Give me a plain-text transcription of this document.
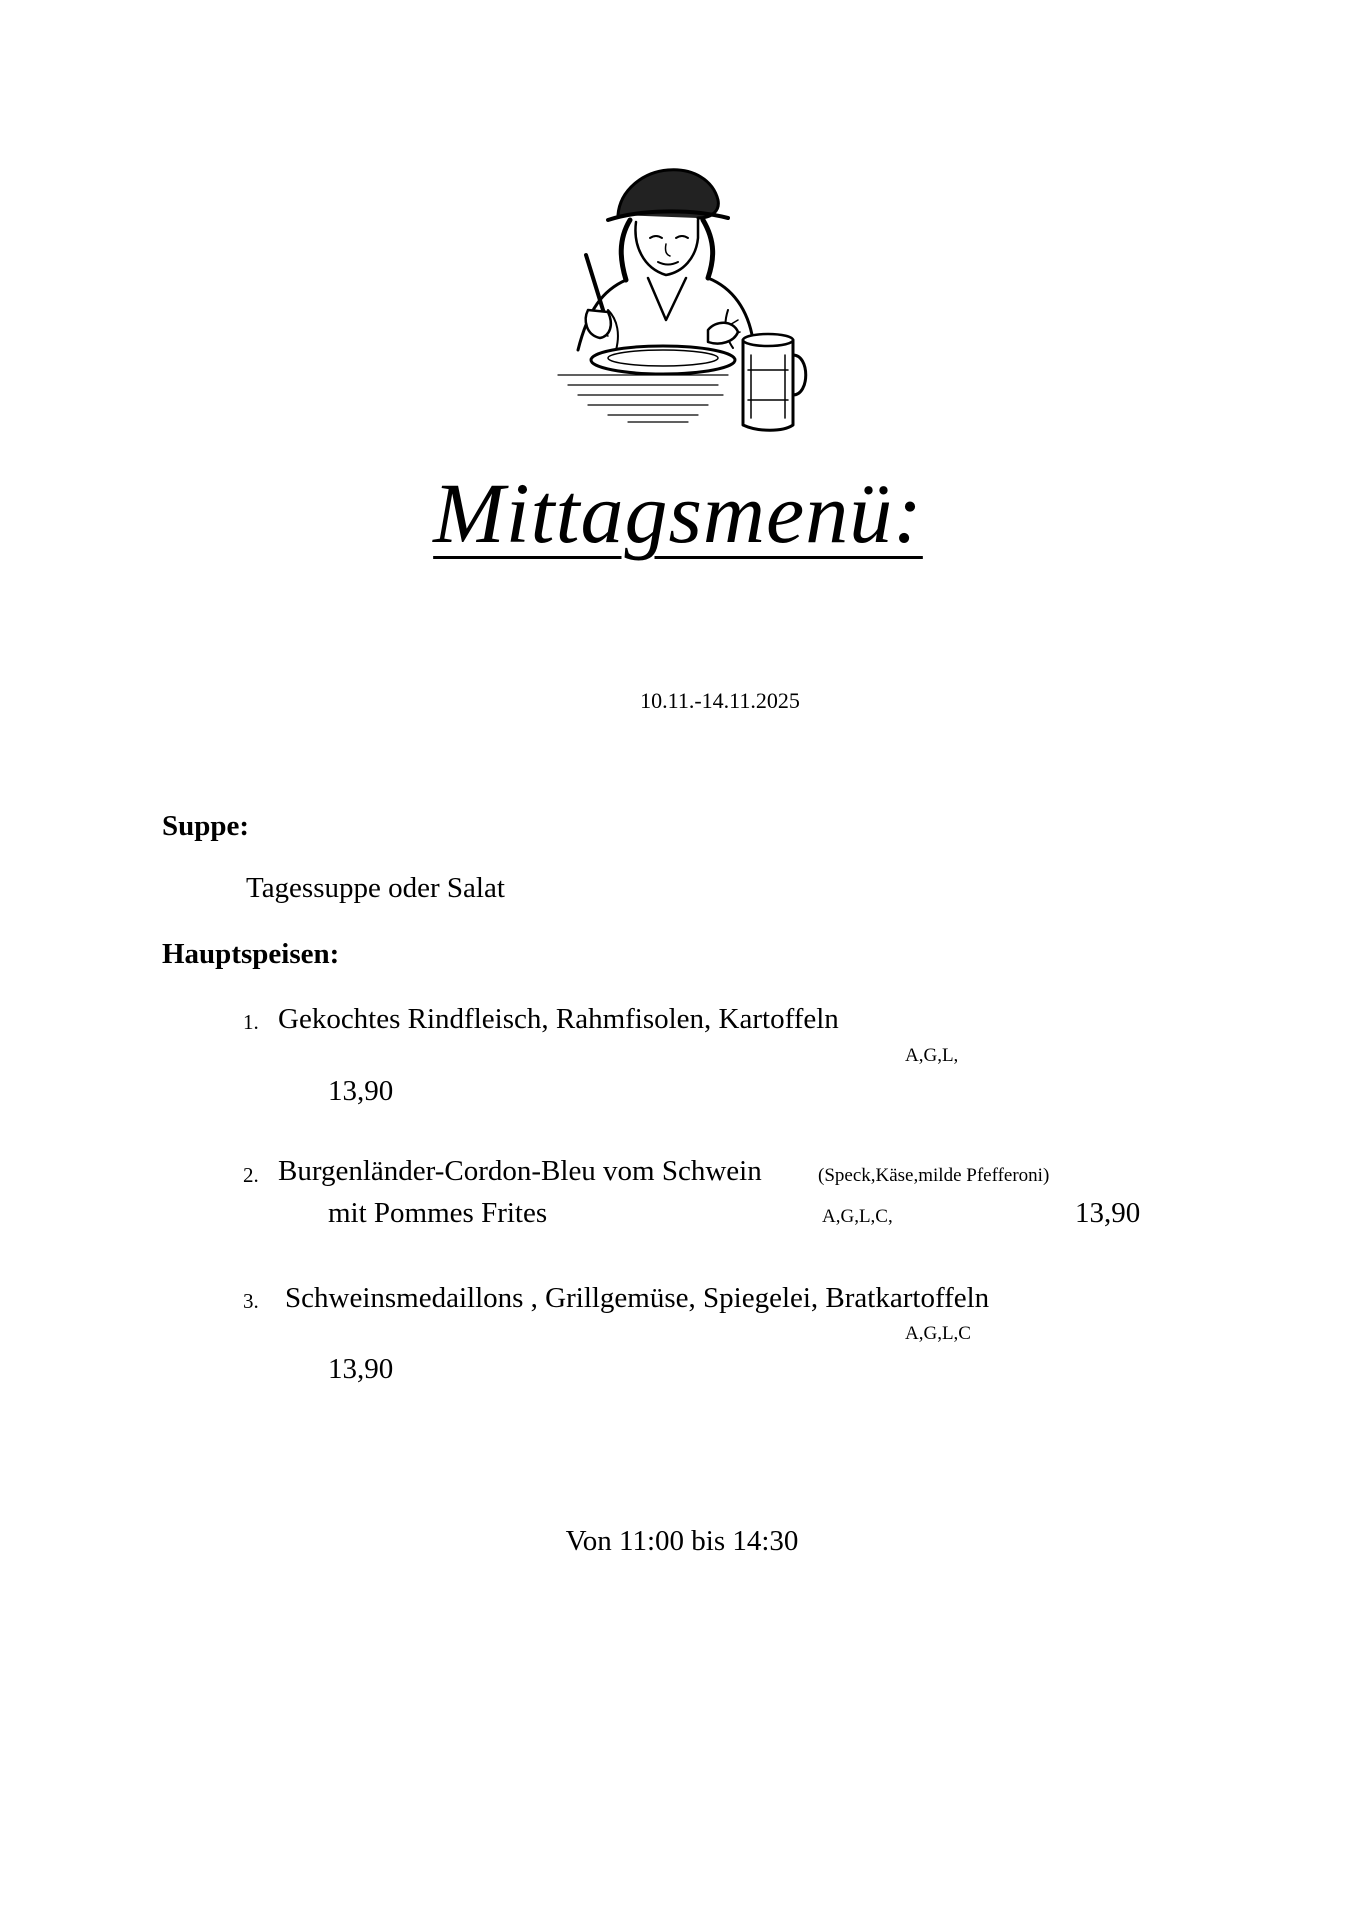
Mittagsmenü:
10.11.-14.11.2025
Suppe:
Tagessuppe oder Salat
Hauptspeisen:
1. Gekochtes Rindfleisch, Rahmfisolen, Kartoffeln
A,G,L,
13,90
2. Burgenländer-Cordon-Bleu vom Schwein	(Speck,Käse,milde Pfefferoni)
mit Pommes Frites	A,G,L,C,	13,90
3. Schweinsmedaillons , Grillgemüse, Spiegelei, Bratkartoffeln
A,G,L,C
13,90
Von 11:00 bis 14:30
